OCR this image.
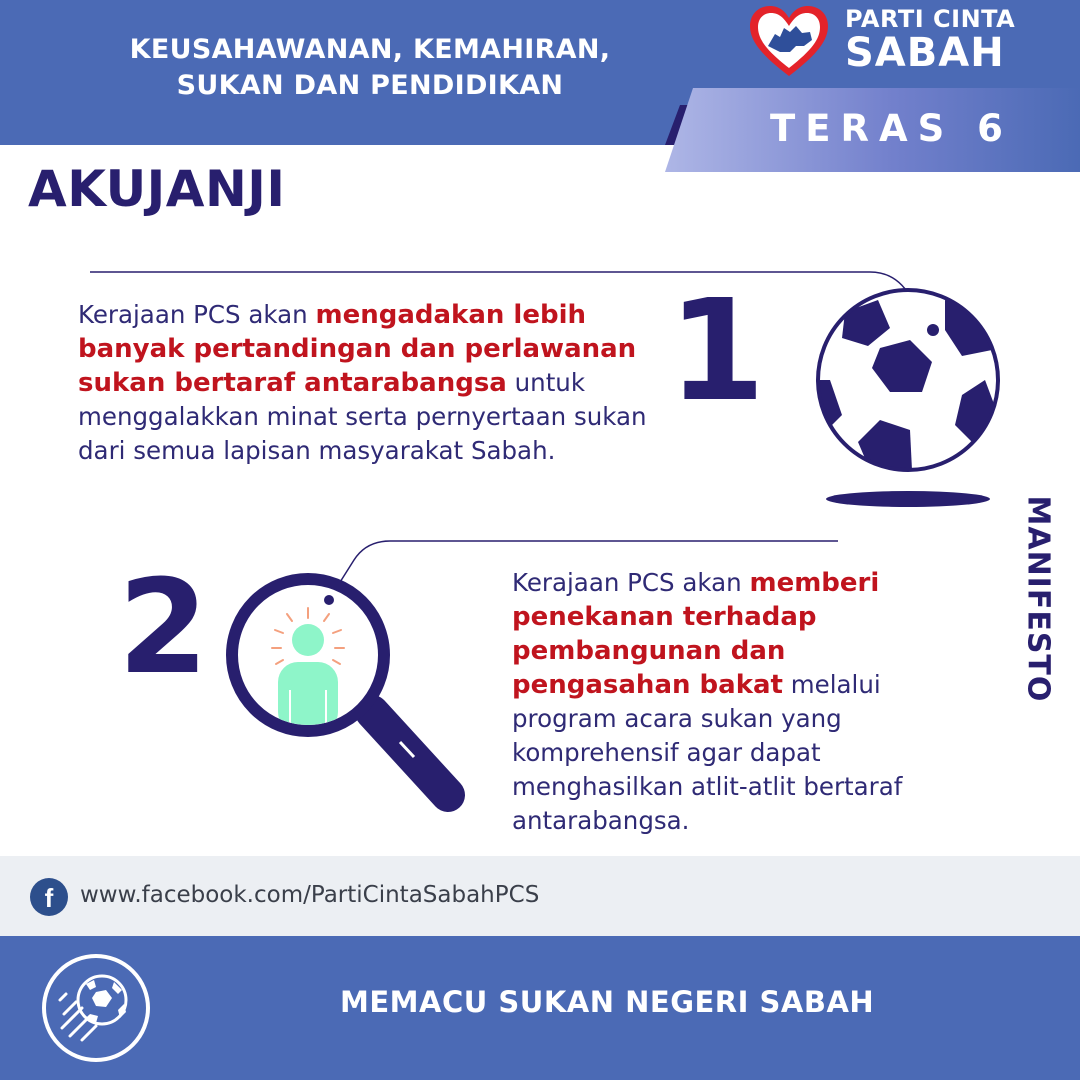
KEUSAHAWANAN, KEMAHIRAN,
SUKAN DAN PENDIDIKAN
PARTI CINTA
SABAH
TERAS 6
AKUJANJI
1
Kerajaan PCS akan mengadakan lebih banyak pertandingan dan perlawanan sukan bertaraf antarabangsa untuk menggalakkan minat serta pernyertaan sukan dari semua lapisan masyarakat Sabah.
2	Kerajaan PCS akan memberi penekanan terhadap pembangunan dan pengasahan bakat melalui program acara sukan yang komprehensif agar dapat menghasilkan atlit-atlit bertaraf antarabangsa.
MANIFESTO
f	www.facebook.com/PartiCintaSabahPCS
MEMACU SUKAN NEGERI SABAH
